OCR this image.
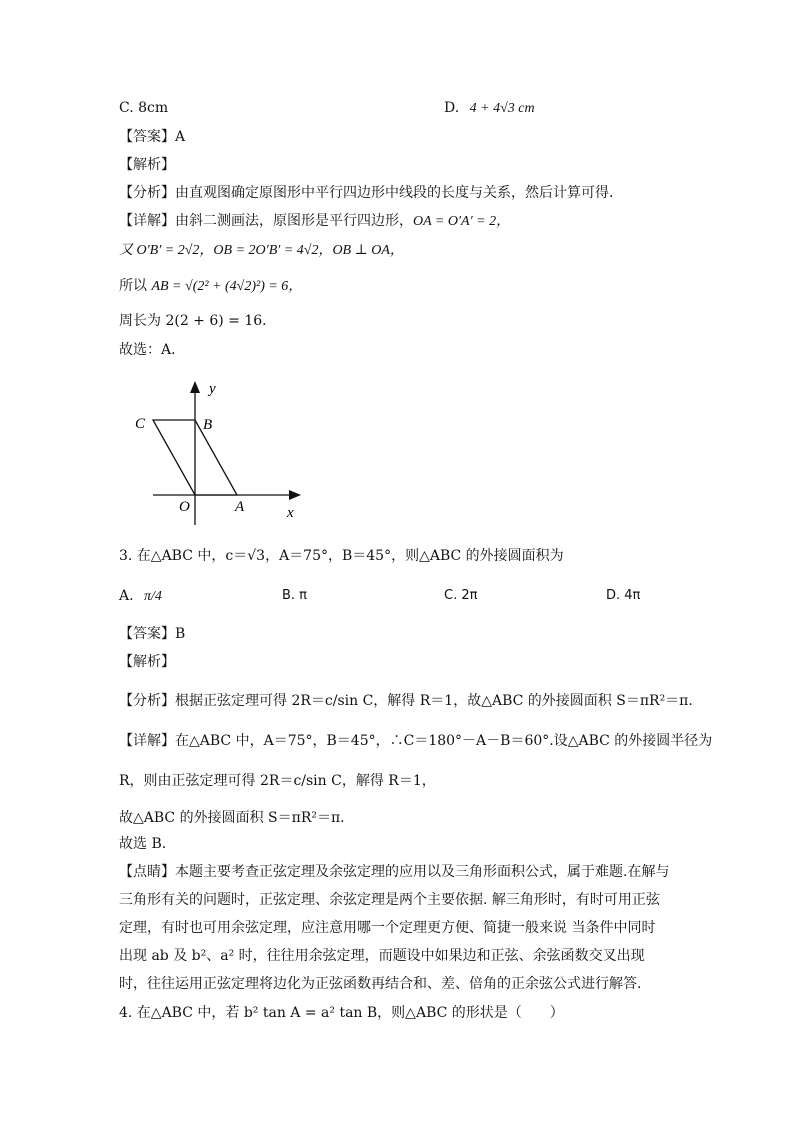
C. 8cm	D. 4 + 4√3 cm
【答案】A
【解析】
【分析】由直观图确定原图形中平行四边形中线段的长度与关系，然后计算可得．
【详解】由斜二测画法，原图形是平行四边形，OA = O′A′ = 2，
又 O′B′ = 2√2，OB = 2O′B′ = 4√2，OB ⊥ OA，
所以 AB = √(2² + (4√2)²) = 6，
周长为 2(2 + 6) = 16．
故选：A．
C	B
y
O	A	x
3. 在△ABC 中，c＝√3，A＝75°，B＝45°，则△ABC 的外接圆面积为
A. π/4	B. π	C. 2π	D. 4π
【答案】B
【解析】
【分析】根据正弦定理可得 2R＝c/sin C，解得 R＝1，故△ABC 的外接圆面积 S＝πR²＝π.
【详解】在△ABC 中，A＝75°，B＝45°，∴C＝180°－A－B＝60°.设△ABC 的外接圆半径为
R，则由正弦定理可得 2R＝c/sin C，解得 R＝1，
故△ABC 的外接圆面积 S＝πR²＝π.
故选 B.
【点睛】本题主要考查正弦定理及余弦定理的应用以及三角形面积公式，属于难题.在解与
三角形有关的问题时，正弦定理、余弦定理是两个主要依据. 解三角形时，有时可用正弦
定理，有时也可用余弦定理，应注意用哪一个定理更方便、简捷一般来说 当条件中同时
出现 ab 及 b²、a² 时，往往用余弦定理，而题设中如果边和正弦、余弦函数交叉出现
时，往往运用正弦定理将边化为正弦函数再结合和、差、倍角的正余弦公式进行解答.
4. 在△ABC 中，若 b² tan A = a² tan B，则△ABC 的形状是（　　）
